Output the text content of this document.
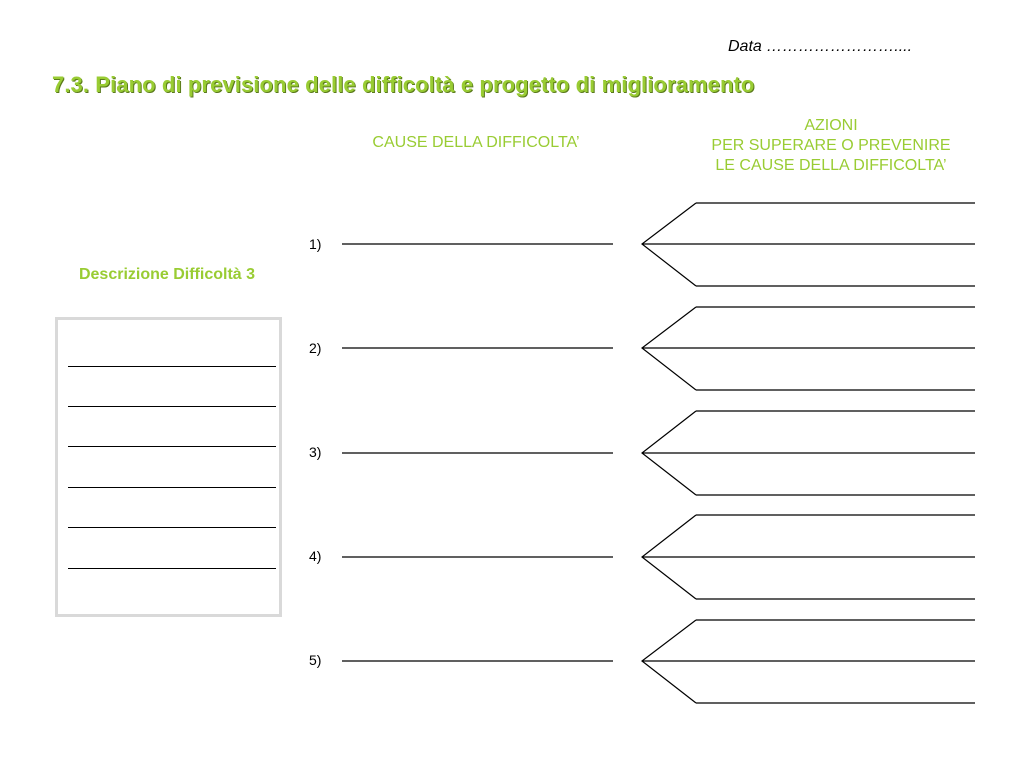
Data ……………………....
7.3. Piano di previsione delle difficoltà e progetto di miglioramento
CAUSE DELLA DIFFICOLTA’
AZIONI
PER SUPERARE O PREVENIRE
LE CAUSE DELLA DIFFICOLTA’
Descrizione Difficoltà 3
1)
2)
3)
4)
5)
